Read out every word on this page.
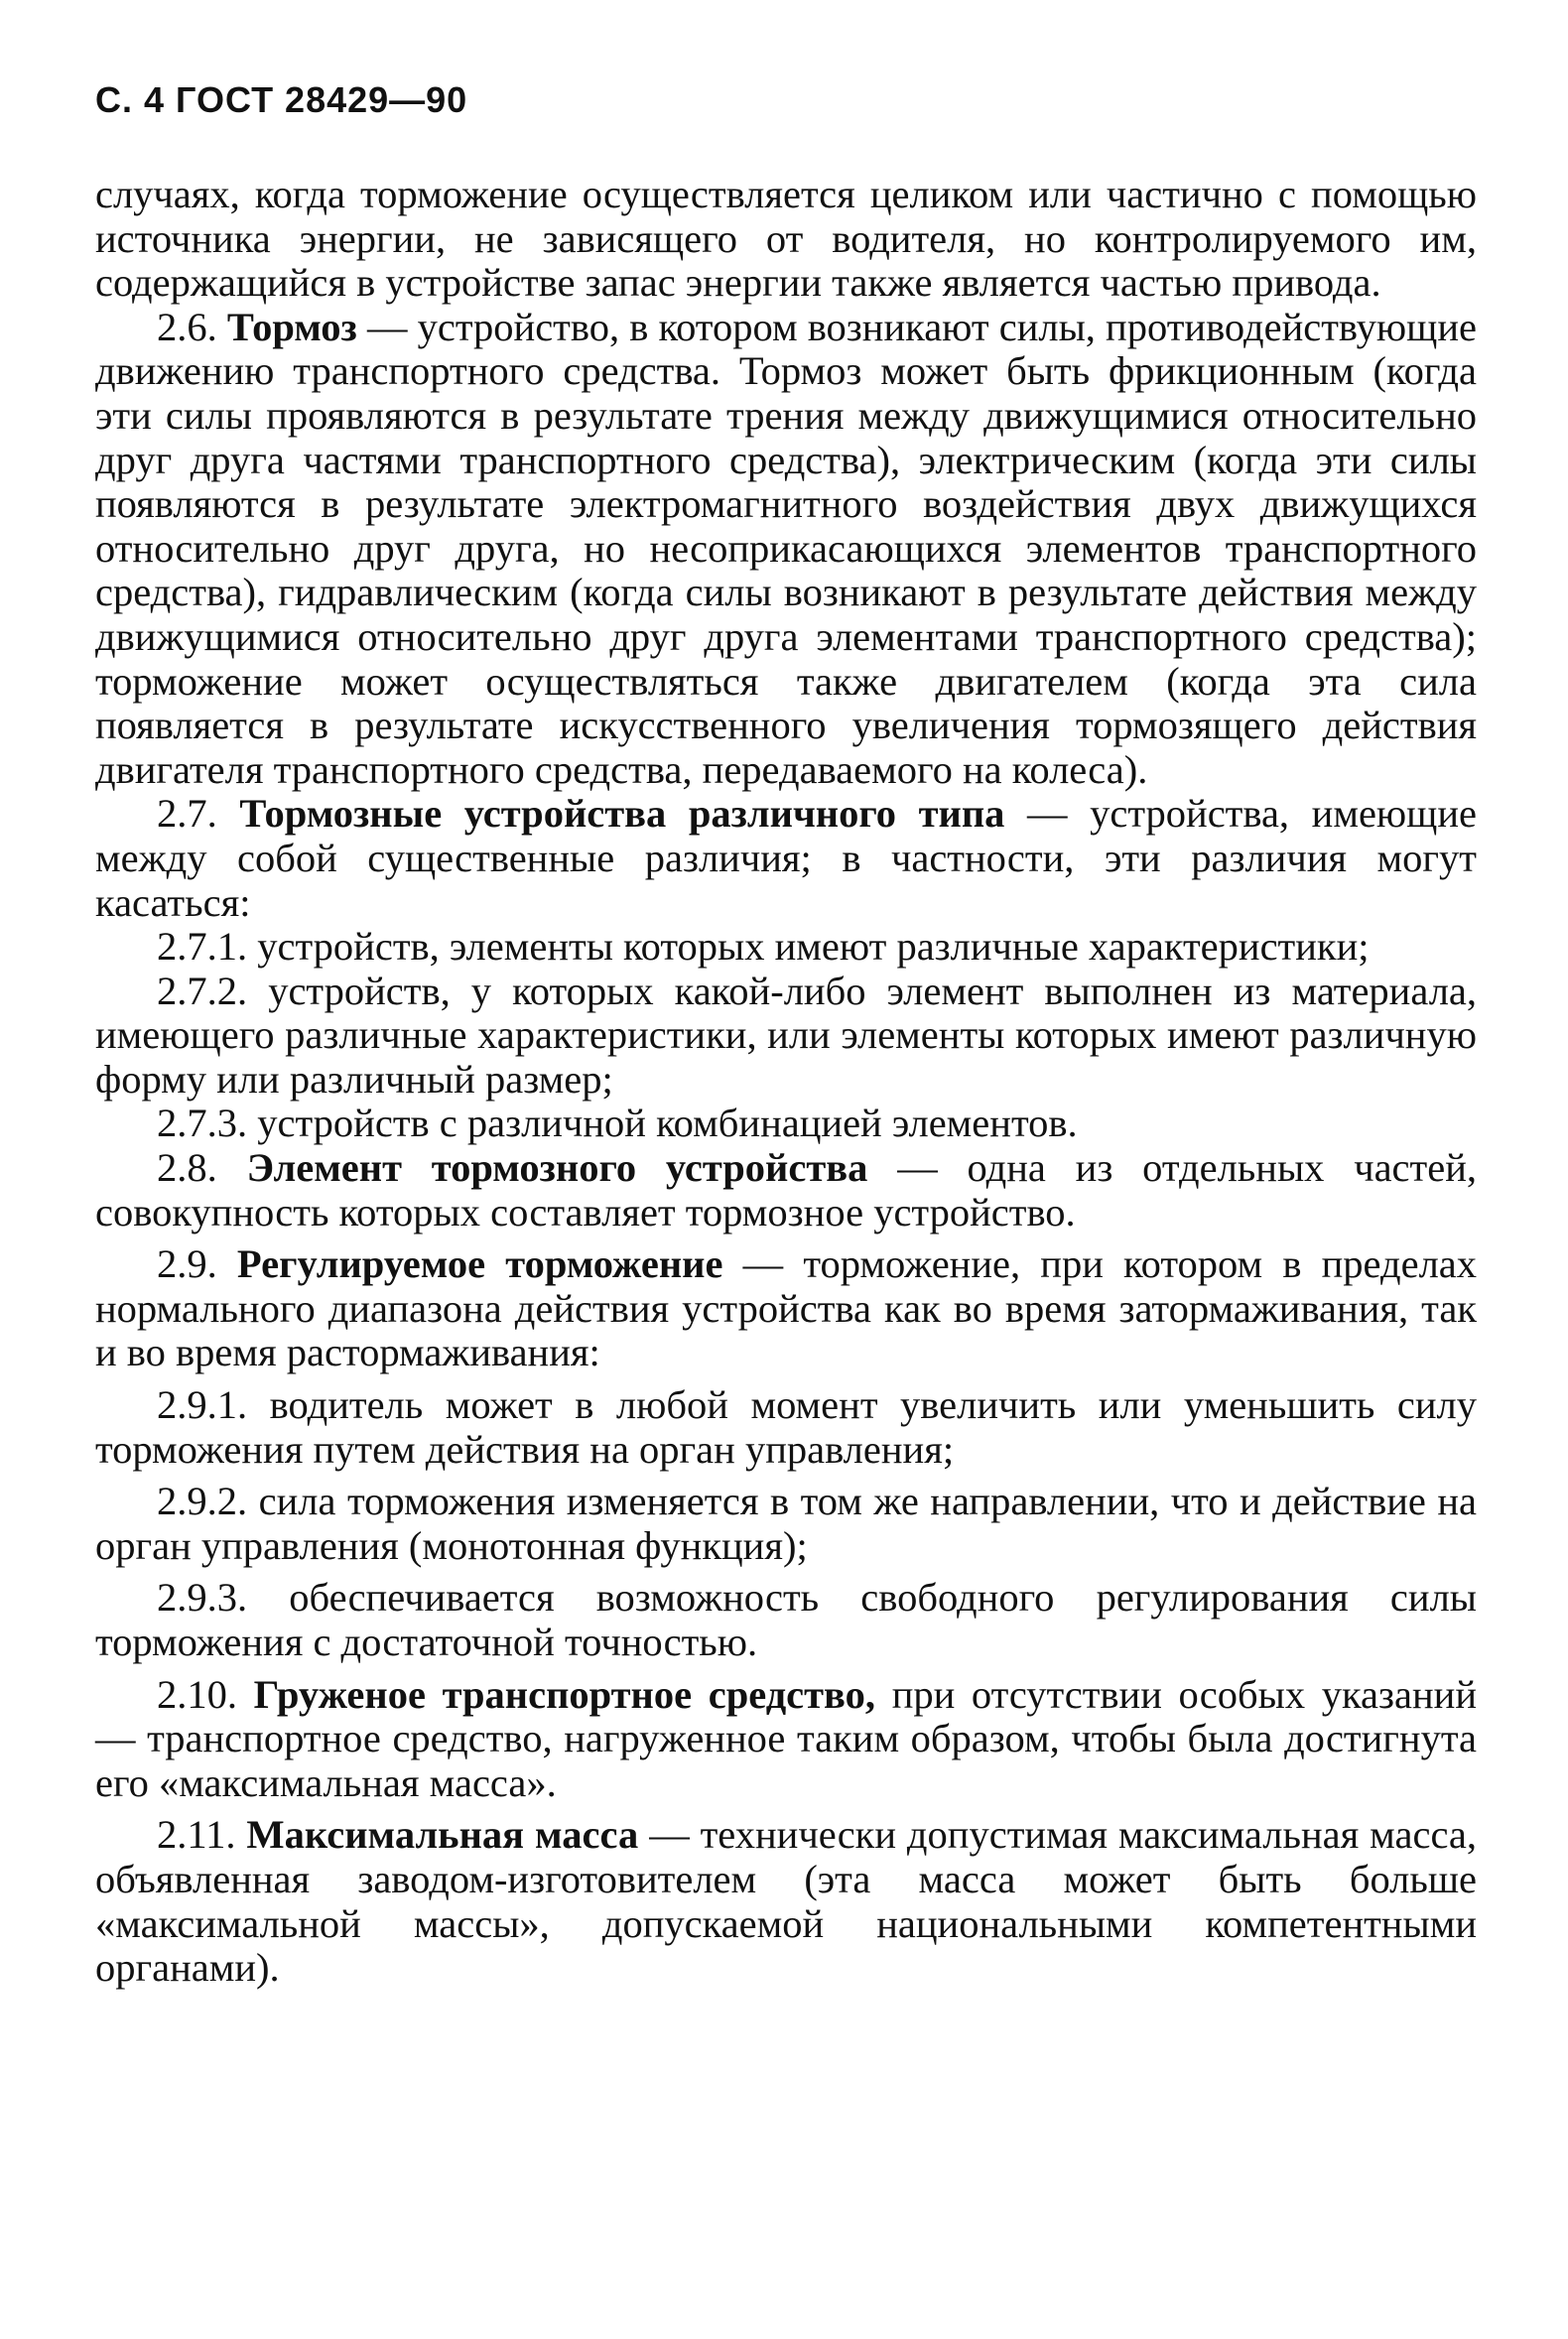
С. 4 ГОСТ 28429—90

случаях, когда торможение осуществляется целиком или частично с помощью источника энергии, не зависящего от водителя, но контролируемого им, содержащийся в устройстве запас энергии также является частью привода.

2.6. Тормоз — устройство, в котором возникают силы, противодействующие движению транспортного средства. Тормоз может быть фрикционным (когда эти силы проявляются в результате трения между движущимися относительно друг друга частями транспортного средства), электрическим (когда эти силы появляются в результате электромагнитного воздействия двух движущихся относительно друг друга, но несоприкасающихся элементов транспортного средства), гидравлическим (когда силы возникают в результате действия между движущимися относительно друг друга элементами транспортного средства); торможение может осуществляться также двигателем (когда эта сила появляется в результате искусственного увеличения тормозящего действия двигателя транспортного средства, передаваемого на колеса).

2.7. Тормозные устройства различного типа — устройства, имеющие между собой существенные различия; в частности, эти различия могут касаться:

2.7.1. устройств, элементы которых имеют различные характеристики;

2.7.2. устройств, у которых какой-либо элемент выполнен из материала, имеющего различные характеристики, или элементы которых имеют различную форму или различный размер;

2.7.3. устройств с различной комбинацией элементов.

2.8. Элемент тормозного устройства — одна из отдельных частей, совокупность которых составляет тормозное устройство.

2.9. Регулируемое торможение — торможение, при котором в пределах нормального диапазона действия устройства как во время затормаживания, так и во время растормаживания:

2.9.1. водитель может в любой момент увеличить или уменьшить силу торможения путем действия на орган управления;

2.9.2. сила торможения изменяется в том же направлении, что и действие на орган управления (монотонная функция);

2.9.3. обеспечивается возможность свободного регулирования силы торможения с достаточной точностью.

2.10. Груженое транспортное средство, при отсутствии особых указаний — транспортное средство, нагруженное таким образом, чтобы была достигнута его «максимальная масса».

2.11. Максимальная масса — технически допустимая максимальная масса, объявленная заводом-изготовителем (эта масса может быть больше «максимальной массы», допускаемой национальными компетентными органами).
